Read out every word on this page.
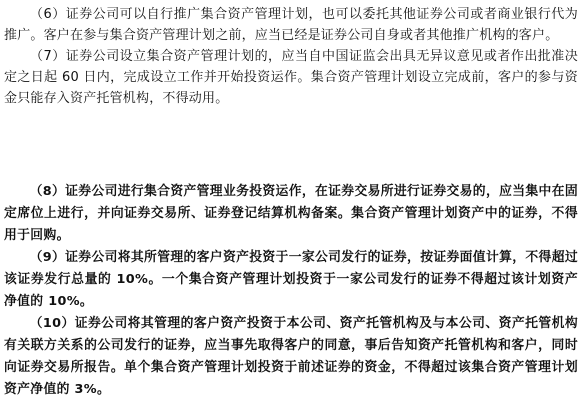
（6）证券公司可以自行推广集合资产管理计划，也可以委托其他证券公司或者商业银行代为推广。客户在参与集合资产管理计划之前，应当已经是证券公司自身或者其他推广机构的客户。

（7）证券公司设立集合资产管理计划的，应当自中国证监会出具无异议意见或者作出批准决定之日起 60 日内，完成设立工作并开始投资运作。集合资产管理计划设立完成前，客户的参与资金只能存入资产托管机构，不得动用。

（8）证券公司进行集合资产管理业务投资运作，在证券交易所进行证券交易的，应当集中在固定席位上进行，并向证券交易所、证券登记结算机构备案。集合资产管理计划资产中的证券，不得用于回购。

（9）证券公司将其所管理的客户资产投资于一家公司发行的证券，按证券面值计算，不得超过该证券发行总量的 10%。一个集合资产管理计划投资于一家公司发行的证券不得超过该计划资产净值的 10%。

（10）证券公司将其管理的客户资产投资于本公司、资产托管机构及与本公司、资产托管机构有关联方关系的公司发行的证券，应当事先取得客户的同意，事后告知资产托管机构和客户，同时向证券交易所报告。单个集合资产管理计划投资于前述证券的资金，不得超过该集合资产管理计划资产净值的 3%。
